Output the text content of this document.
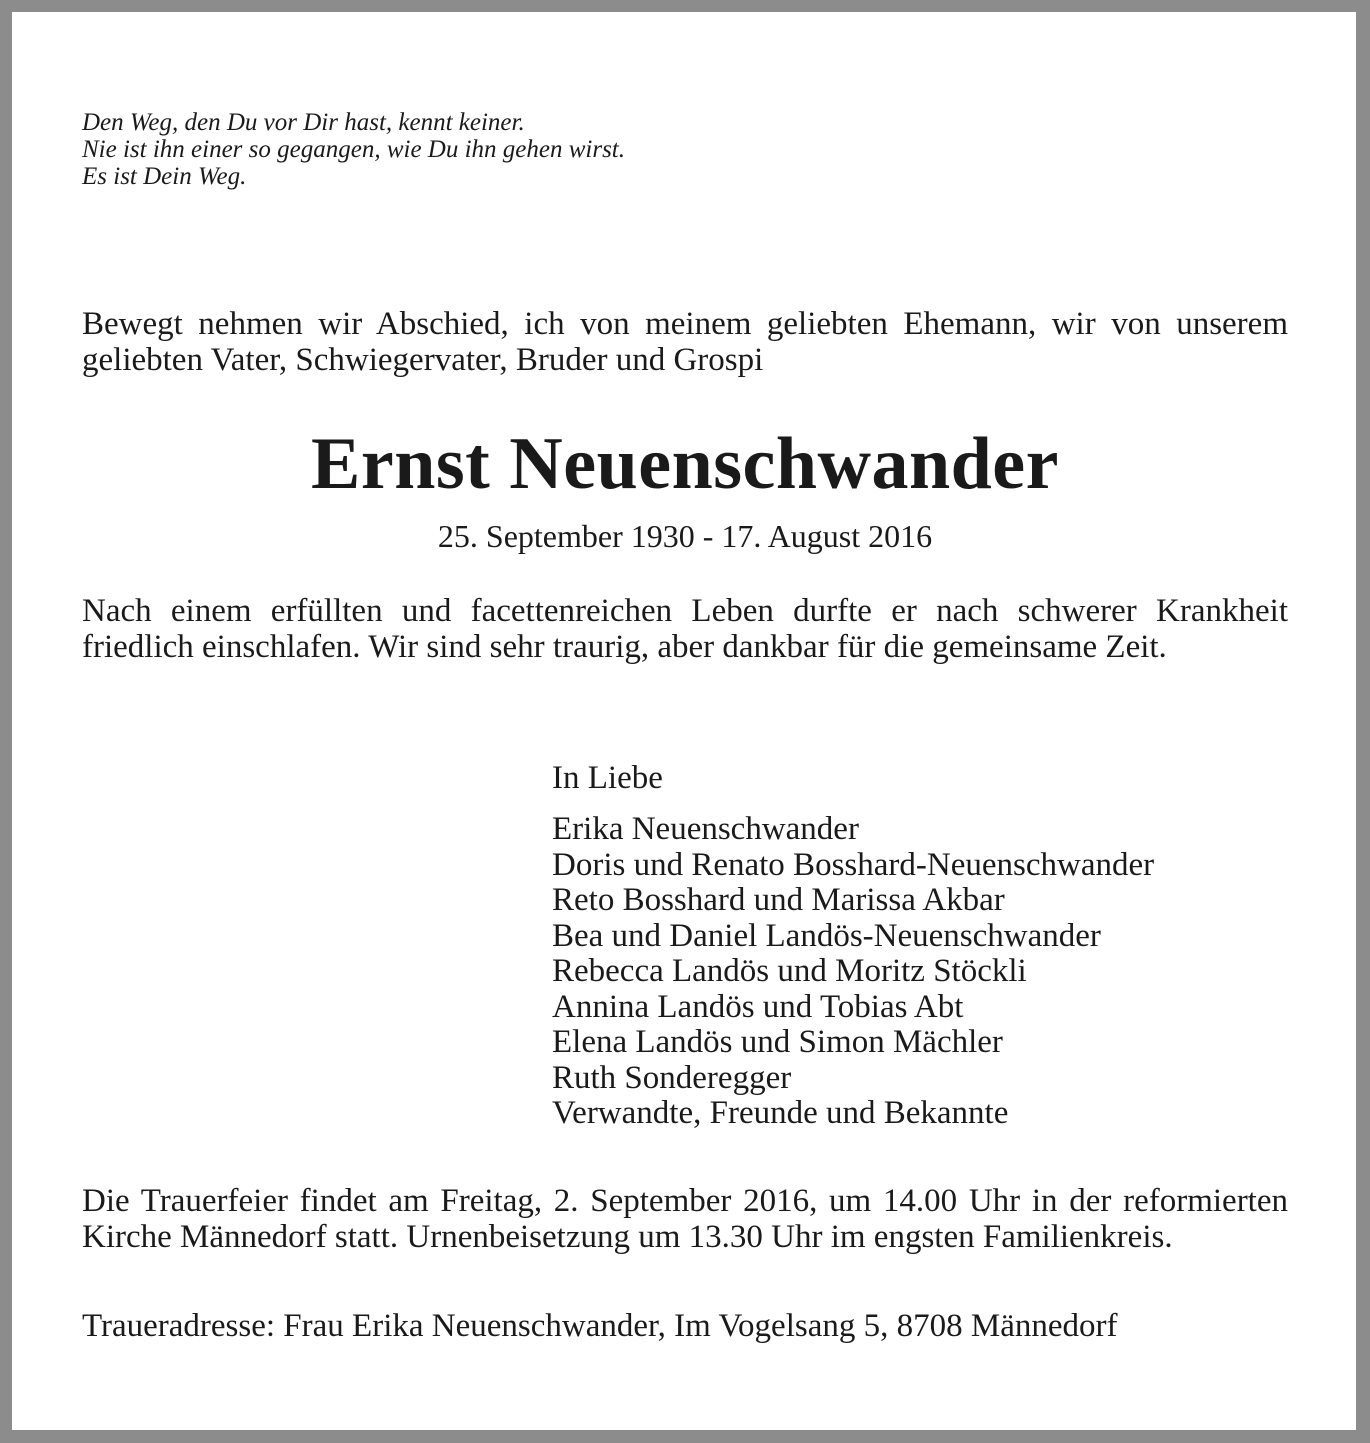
Den Weg, den Du vor Dir hast, kennt keiner.
Nie ist ihn einer so gegangen, wie Du ihn gehen wirst.
Es ist Dein Weg.

Bewegt nehmen wir Abschied, ich von meinem geliebten Ehemann, wir von unserem geliebten Vater, Schwiegervater, Bruder und Grospi

Ernst Neuenschwander

25. September 1930 - 17. August 2016

Nach einem erfüllten und facettenreichen Leben durfte er nach schwerer Krankheit friedlich einschlafen. Wir sind sehr traurig, aber dankbar für die gemeinsame Zeit.

In Liebe
Erika Neuenschwander
Doris und Renato Bosshard-Neuenschwander
Reto Bosshard und Marissa Akbar
Bea und Daniel Landös-Neuenschwander
Rebecca Landös und Moritz Stöckli
Annina Landös und Tobias Abt
Elena Landös und Simon Mächler
Ruth Sonderegger
Verwandte, Freunde und Bekannte

Die Trauerfeier findet am Freitag, 2. September 2016, um 14.00 Uhr in der reformierten Kirche Männedorf statt. Urnenbeisetzung um 13.30 Uhr im engsten Familienkreis.

Traueradresse: Frau Erika Neuenschwander, Im Vogelsang 5, 8708 Männedorf
